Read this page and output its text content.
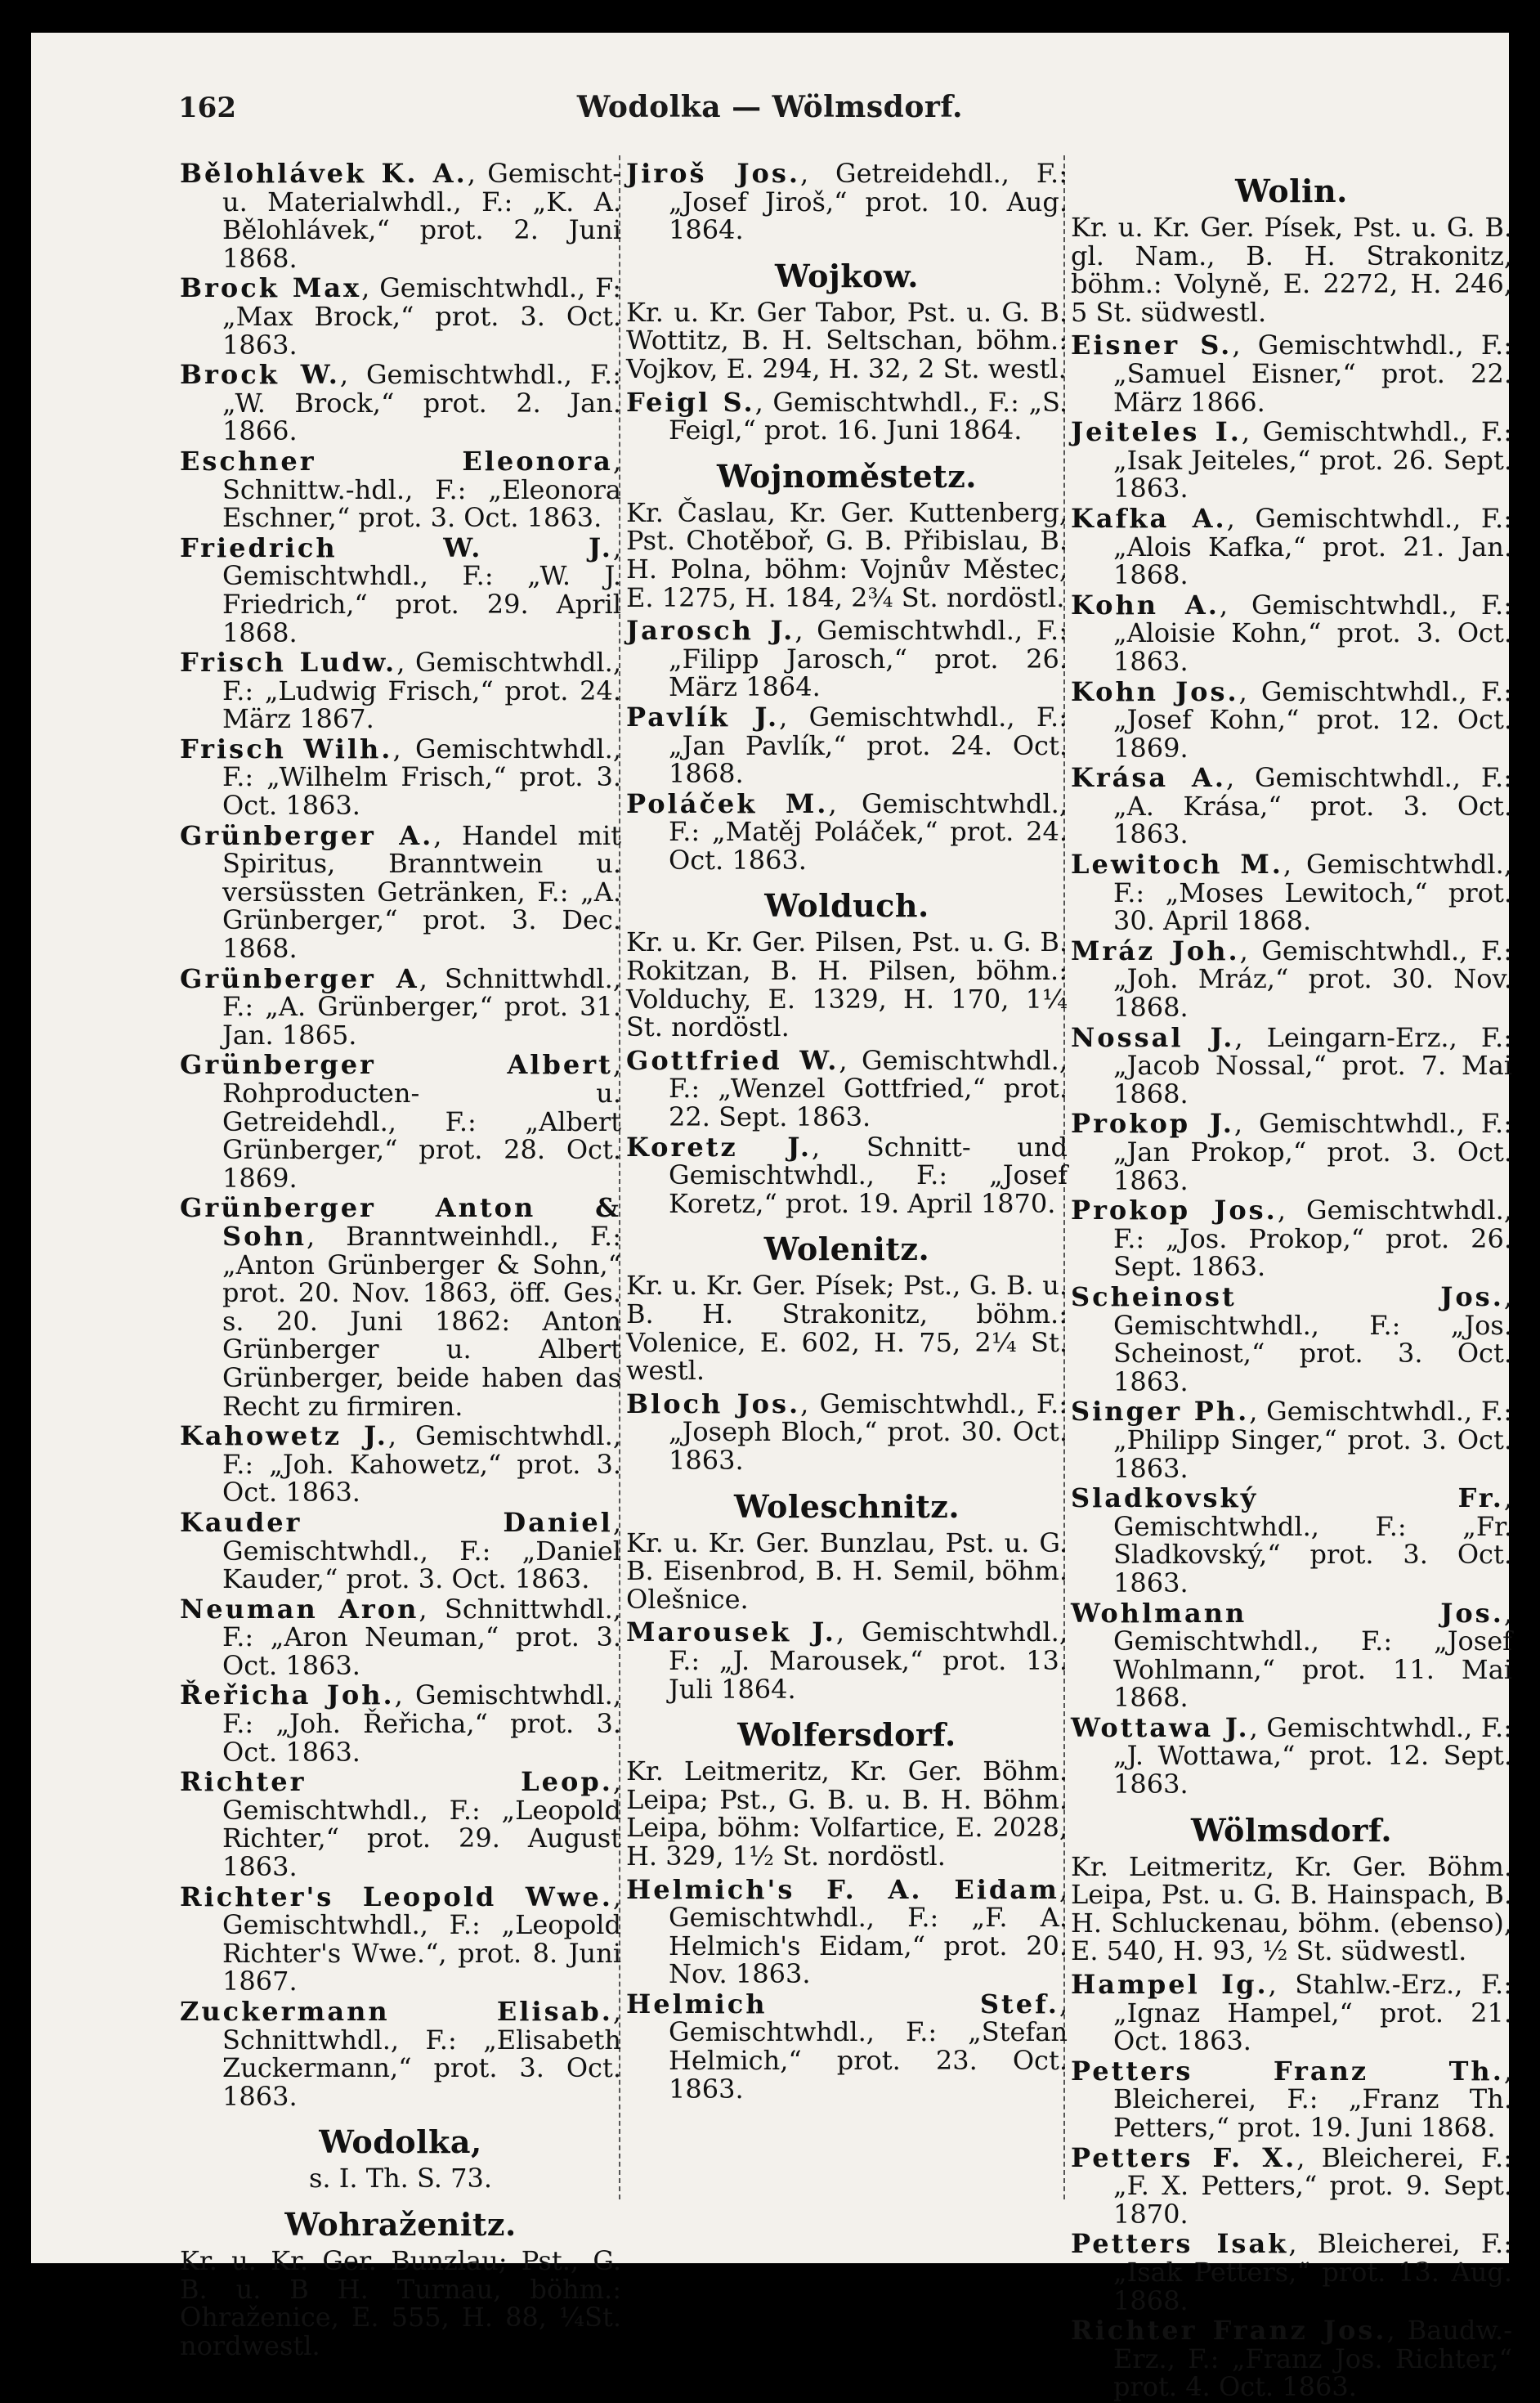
162	Wodolka — Wölmsdorf.
Bělohlávek K. A., Gemischt- u. Materialwhdl., F.: „K. A. Bělohlávek,“ prot. 2. Juni 1868.
Brock Max, Gemischtwhdl., F: „Max Brock,“ prot. 3. Oct. 1863.
Brock W., Gemischtwhdl., F.: „W. Brock,“ prot. 2. Jan. 1866.
Eschner Eleonora, Schnittw.-hdl., F.: „Eleonora Eschner,“ prot. 3. Oct. 1863.
Friedrich W. J., Gemischtwhdl., F.: „W. J. Friedrich,“ prot. 29. April 1868.
Frisch Ludw., Gemischtwhdl., F.: „Ludwig Frisch,“ prot. 24. März 1867.
Frisch Wilh., Gemischtwhdl., F.: „Wilhelm Frisch,“ prot. 3. Oct. 1863.
Grünberger A., Handel mit Spiritus, Branntwein u. versüssten Getränken, F.: „A. Grünberger,“ prot. 3. Dec. 1868.
Grünberger A, Schnittwhdl., F.: „A. Grünberger,“ prot. 31. Jan. 1865.
Grünberger Albert, Rohproducten- u. Getreidehdl., F.: „Albert Grünberger,“ prot. 28. Oct. 1869.
Grünberger Anton & Sohn, Branntweinhdl., F.: „Anton Grünberger & Sohn,“ prot. 20. Nov. 1863, öff. Ges. s. 20. Juni 1862: Anton Grünberger u. Albert Grünberger, beide haben das Recht zu firmiren.
Kahowetz J., Gemischtwhdl., F.: „Joh. Kahowetz,“ prot. 3. Oct. 1863.
Kauder Daniel, Gemischtwhdl., F.: „Daniel Kauder,“ prot. 3. Oct. 1863.
Neuman Aron, Schnittwhdl., F.: „Aron Neuman,“ prot. 3. Oct. 1863.
Řeřicha Joh., Gemischtwhdl., F.: „Joh. Řeřicha,“ prot. 3. Oct. 1863.
Richter Leop., Gemischtwhdl., F.: „Leopold Richter,“ prot. 29. August 1863.
Richter's Leopold Wwe., Gemischtwhdl., F.: „Leopold Richter's Wwe.“, prot. 8. Juni 1867.
Zuckermann Elisab., Schnittwhdl., F.: „Elisabeth Zuckermann,“ prot. 3. Oct. 1863.
Wodolka,
s. I. Th. S. 73.
Wohraženitz.
Kr. u. Kr. Ger. Bunzlau; Pst., G. B. u. B H. Turnau, böhm.: Ohraženice, E. 555, H. 88, ¼St. nordwestl.
Jiroš Jos., Getreidehdl., F.: „Josef Jiroš,“ prot. 10. Aug. 1864.
Wojkow.
Kr. u. Kr. Ger Tabor, Pst. u. G. B. Wottitz, B. H. Seltschan, böhm.: Vojkov, E. 294, H. 32, 2 St. westl.
Feigl S., Gemischtwhdl., F.: „S. Feigl,“ prot. 16. Juni 1864.
Wojnoměstetz.
Kr. Časlau, Kr. Ger. Kuttenberg, Pst. Chotěboř, G. B. Přibislau, B. H. Polna, böhm: Vojnův Městec, E. 1275, H. 184, 2¾ St. nordöstl.
Jarosch J., Gemischtwhdl., F.: „Filipp Jarosch,“ prot. 26. März 1864.
Pavlík J., Gemischtwhdl., F.: „Jan Pavlík,“ prot. 24. Oct. 1868.
Poláček M., Gemischtwhdl., F.: „Matěj Poláček,“ prot. 24. Oct. 1863.
Wolduch.
Kr. u. Kr. Ger. Pilsen, Pst. u. G. B. Rokitzan, B. H. Pilsen, böhm.: Volduchy, E. 1329, H. 170, 1¼ St. nordöstl.
Gottfried W., Gemischtwhdl., F.: „Wenzel Gottfried,“ prot. 22. Sept. 1863.
Koretz J., Schnitt- und Gemischtwhdl., F.: „Josef Koretz,“ prot. 19. April 1870.
Wolenitz.
Kr. u. Kr. Ger. Písek; Pst., G. B. u. B. H. Strakonitz, böhm.: Volenice, E. 602, H. 75, 2¼ St. westl.
Bloch Jos., Gemischtwhdl., F.: „Joseph Bloch,“ prot. 30. Oct. 1863.
Woleschnitz.
Kr. u. Kr. Ger. Bunzlau, Pst. u. G. B. Eisenbrod, B. H. Semil, böhm. Olešnice.
Marousek J., Gemischtwhdl., F.: „J. Marousek,“ prot. 13. Juli 1864.
Wolfersdorf.
Kr. Leitmeritz, Kr. Ger. Böhm. Leipa; Pst., G. B. u. B. H. Böhm. Leipa, böhm: Volfartice, E. 2028, H. 329, 1½ St. nordöstl.
Helmich's F. A. Eidam, Gemischtwhdl., F.: „F. A. Helmich's Eidam,“ prot. 20. Nov. 1863.
Helmich Stef., Gemischtwhdl., F.: „Stefan Helmich,“ prot. 23. Oct. 1863.
Wolin.
Kr. u. Kr. Ger. Písek, Pst. u. G. B. gl. Nam., B. H. Strakonitz, böhm.: Volyně, E. 2272, H. 246, 5 St. südwestl.
Eisner S., Gemischtwhdl., F.: „Samuel Eisner,“ prot. 22. März 1866.
Jeiteles I., Gemischtwhdl., F.: „Isak Jeiteles,“ prot. 26. Sept. 1863.
Kafka A., Gemischtwhdl., F.: „Alois Kafka,“ prot. 21. Jan. 1868.
Kohn A., Gemischtwhdl., F.: „Aloisie Kohn,“ prot. 3. Oct. 1863.
Kohn Jos., Gemischtwhdl., F.: „Josef Kohn,“ prot. 12. Oct. 1869.
Krása A., Gemischtwhdl., F.: „A. Krása,“ prot. 3. Oct. 1863.
Lewitoch M., Gemischtwhdl., F.: „Moses Lewitoch,“ prot. 30. April 1868.
Mráz Joh., Gemischtwhdl., F.: „Joh. Mráz,“ prot. 30. Nov. 1868.
Nossal J., Leingarn-Erz., F.: „Jacob Nossal,“ prot. 7. Mai 1868.
Prokop J., Gemischtwhdl., F.: „Jan Prokop,“ prot. 3. Oct. 1863.
Prokop Jos., Gemischtwhdl., F.: „Jos. Prokop,“ prot. 26. Sept. 1863.
Scheinost Jos., Gemischtwhdl., F.: „Jos. Scheinost,“ prot. 3. Oct. 1863.
Singer Ph., Gemischtwhdl., F.: „Philipp Singer,“ prot. 3. Oct. 1863.
Sladkovský Fr., Gemischtwhdl., F.: „Fr. Sladkovský,“ prot. 3. Oct. 1863.
Wohlmann Jos., Gemischtwhdl., F.: „Josef Wohlmann,“ prot. 11. Mai 1868.
Wottawa J., Gemischtwhdl., F.: „J. Wottawa,“ prot. 12. Sept. 1863.
Wölmsdorf.
Kr. Leitmeritz, Kr. Ger. Böhm. Leipa, Pst. u. G. B. Hainspach, B. H. Schluckenau, böhm. (ebenso), E. 540, H. 93, ½ St. südwestl.
Hampel Ig., Stahlw.-Erz., F.: „Ignaz Hampel,“ prot. 21. Oct. 1863.
Petters Franz Th., Bleicherei, F.: „Franz Th. Petters,“ prot. 19. Juni 1868.
Petters F. X., Bleicherei, F.: „F. X. Petters,“ prot. 9. Sept. 1870.
Petters Isak, Bleicherei, F.: „Isak Petters,“ prot. 13. Aug. 1868.
Richter Franz Jos., Baudw.-Erz., F.: „Franz Jos. Richter,“ prot. 4. Oct. 1863.
